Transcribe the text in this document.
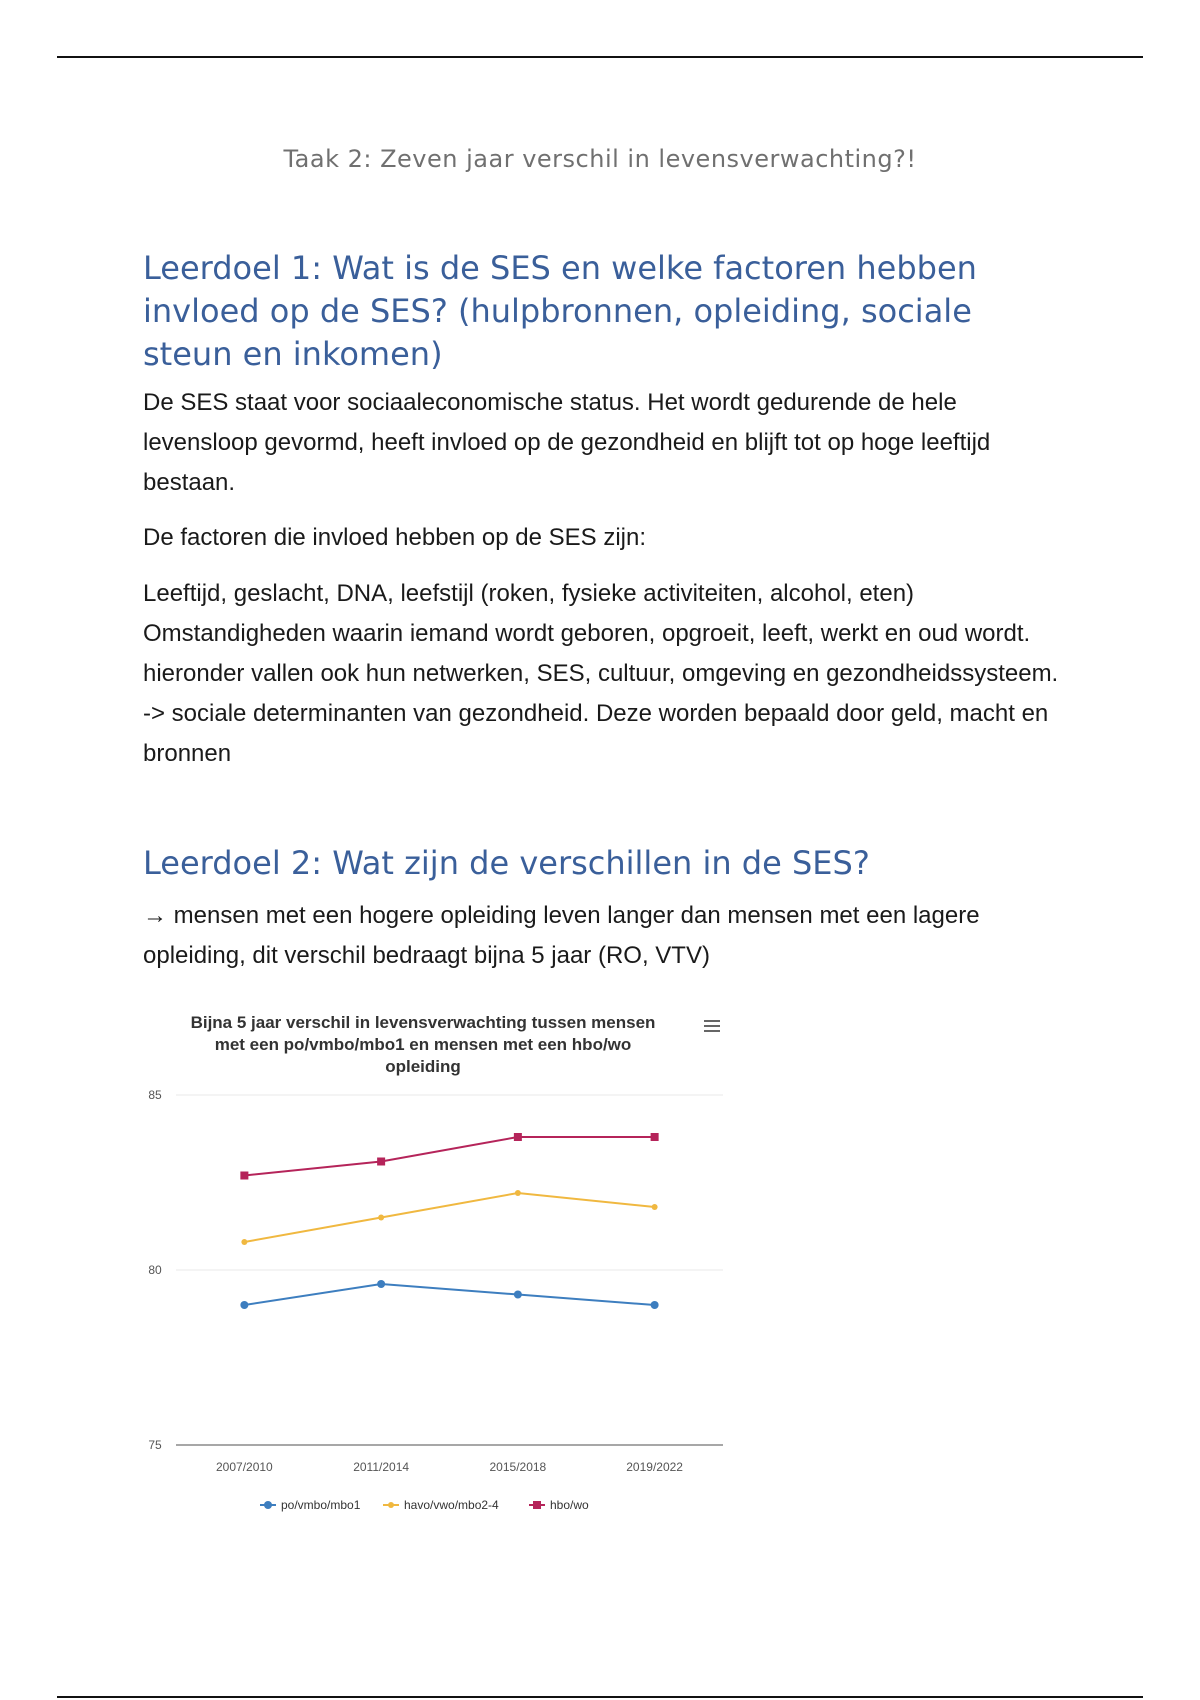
Taak 2: Zeven jaar verschil in levensverwachting?!
Leerdoel 1: Wat is de SES en welke factoren hebben invloed op de SES? (hulpbronnen, opleiding, sociale steun en inkomen)

De SES staat voor sociaaleconomische status. Het wordt gedurende de hele levensloop gevormd, heeft invloed op de gezondheid en blijft tot op hoge leeftijd bestaan.

De factoren die invloed hebben op de SES zijn:

Leeftijd, geslacht, DNA, leefstijl (roken, fysieke activiteiten, alcohol, eten) Omstandigheden waarin iemand wordt geboren, opgroeit, leeft, werkt en oud wordt. hieronder vallen ook hun netwerken, SES, cultuur, omgeving en gezondheidssysteem. -> sociale determinanten van gezondheid. Deze worden bepaald door geld, macht en bronnen

Leerdoel 2: Wat zijn de verschillen in de SES?

→ mensen met een hogere opleiding leven langer dan mensen met een lagere opleiding, dit verschil bedraagt bijna 5 jaar (RO, VTV)

Bijna 5 jaar verschil in levensverwachting tussen mensen
met een po/vmbo/mbo1 en mensen met een hbo/wo
opleiding
75
80
85
2007/2010	2011/2014	2015/2018	2019/2022
po/vmbo/mbo1	havo/vwo/mbo2-4	hbo/wo
